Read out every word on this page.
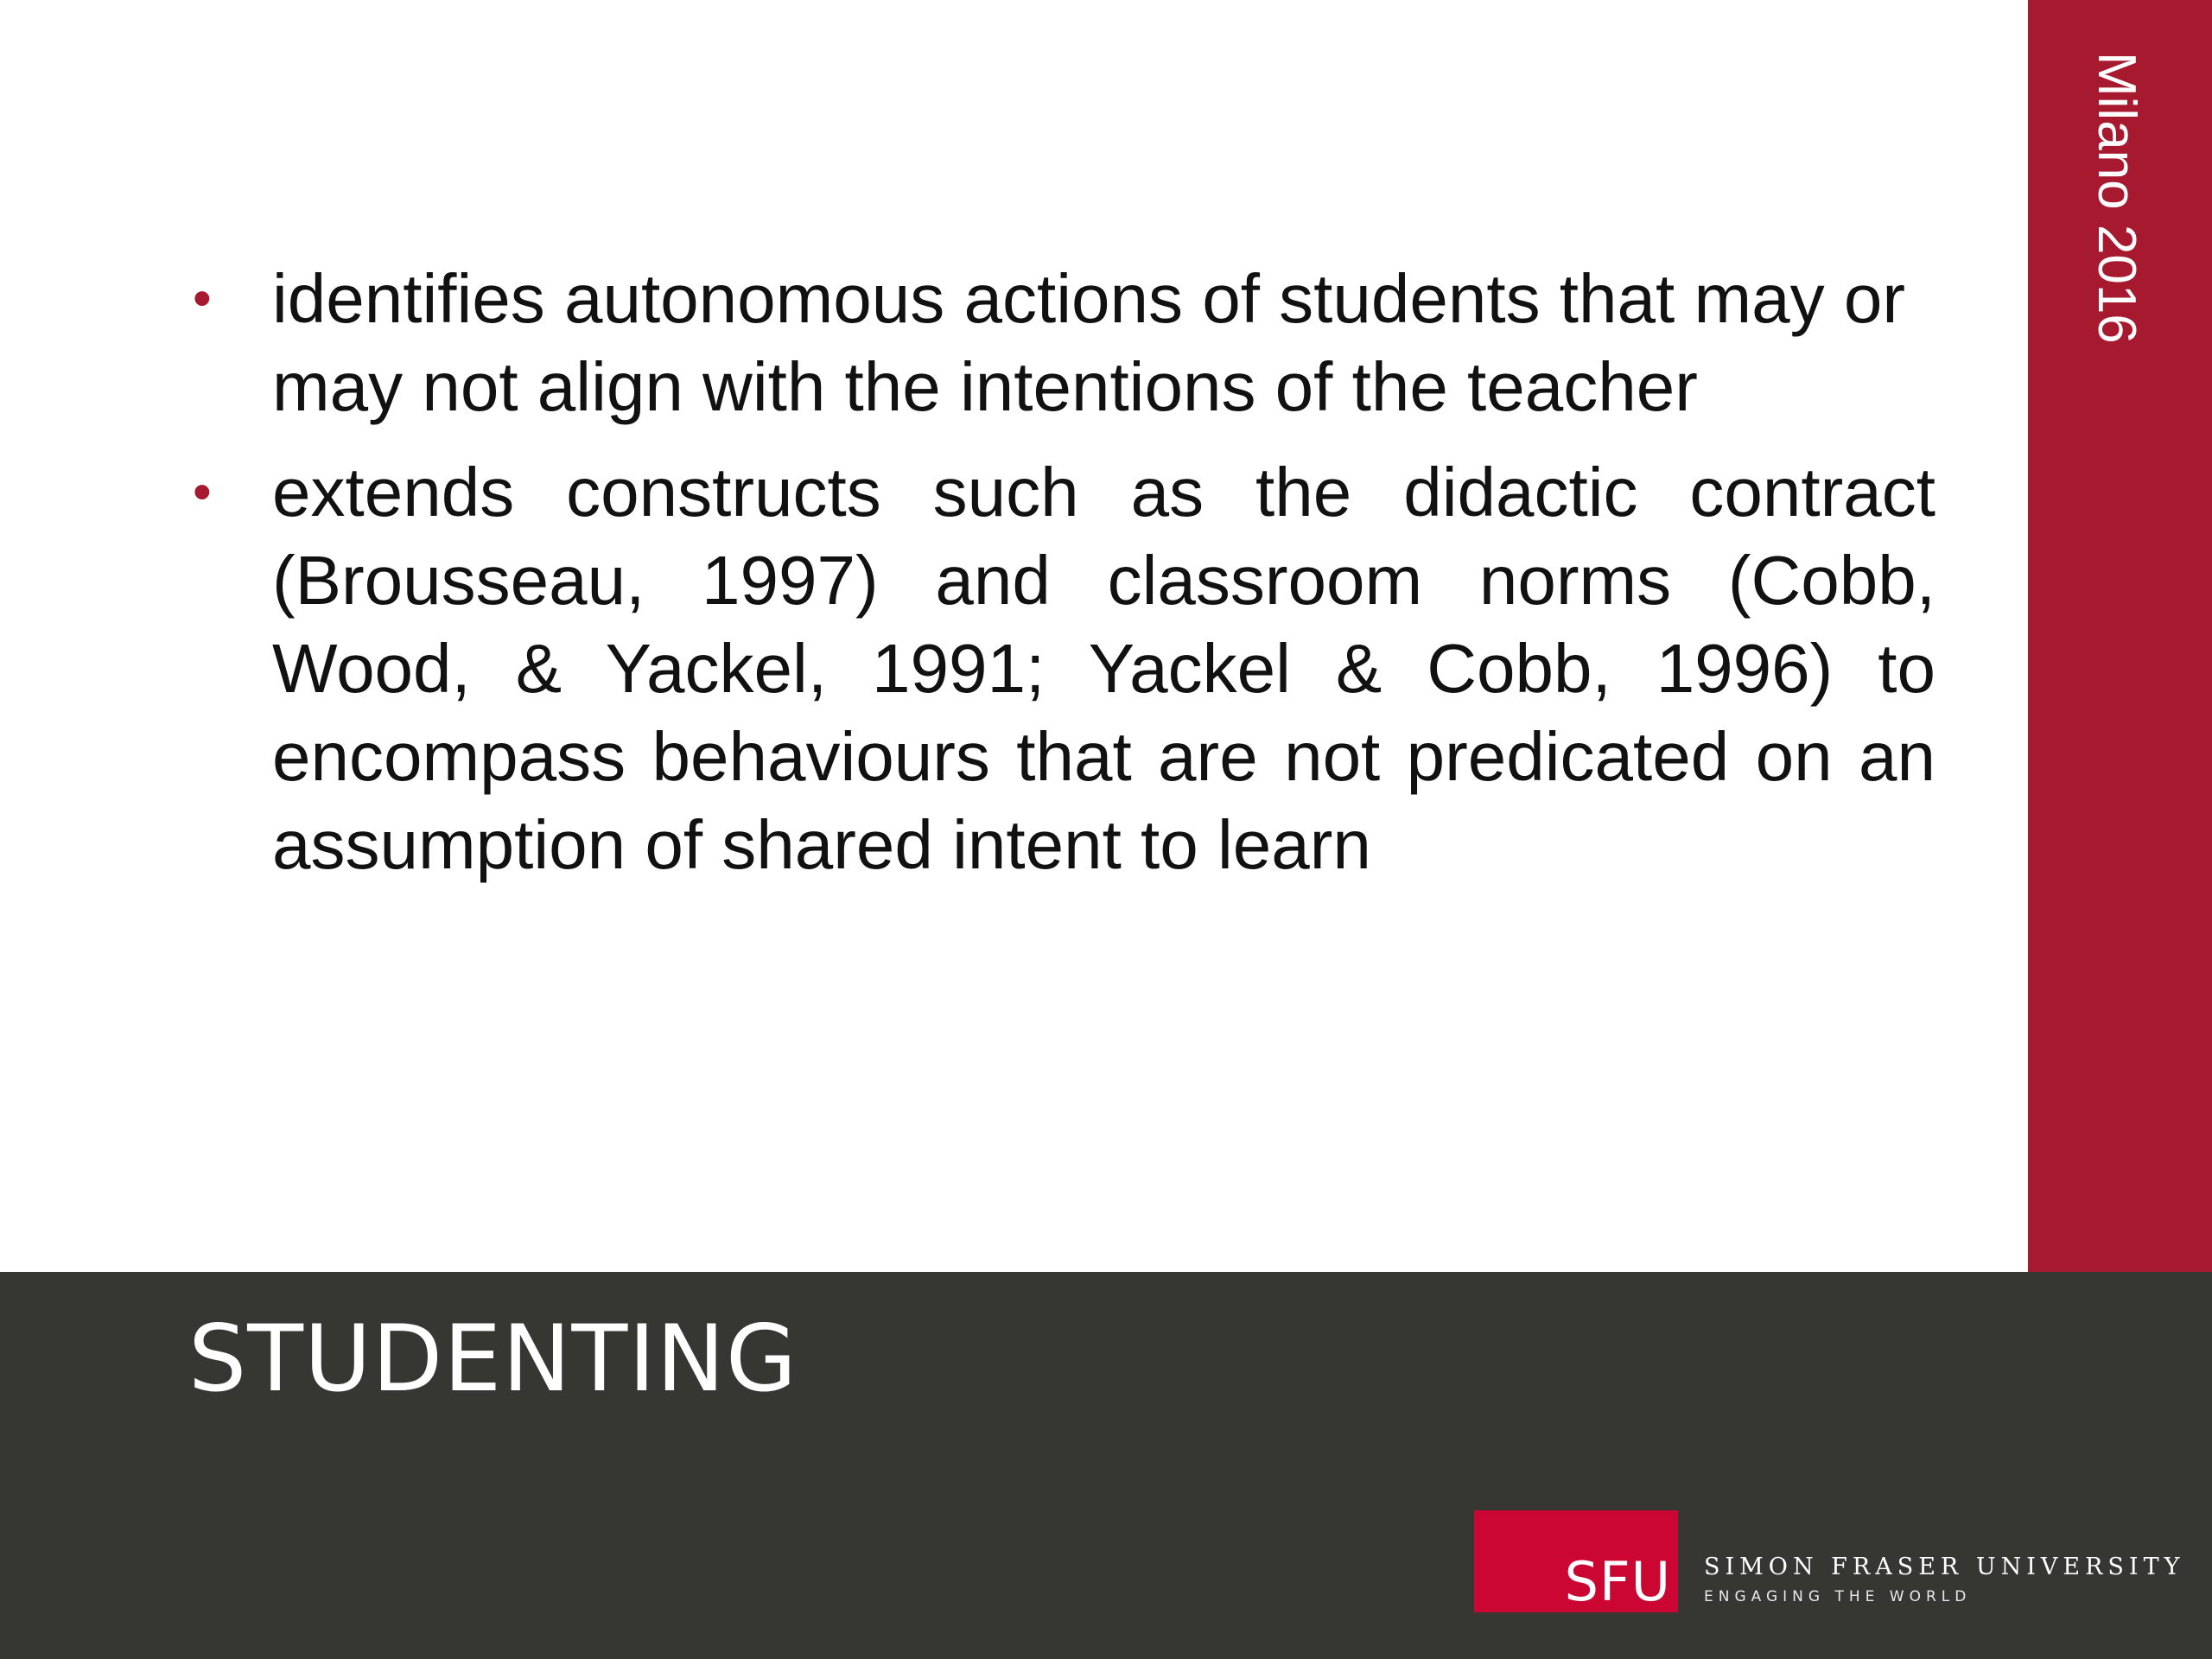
Milano 2016
• identifies autonomous actions of students that may or may not align with the intentions of the teacher
• extends constructs such as the didactic contract (Brousseau, 1997) and classroom norms (Cobb, Wood, & Yackel, 1991; Yackel & Cobb, 1996) to encompass behaviours that are not predicated on an assumption of shared intent to learn
STUDENTING
SFU SIMON FRASER UNIVERSITY
ENGAGING THE WORLD
